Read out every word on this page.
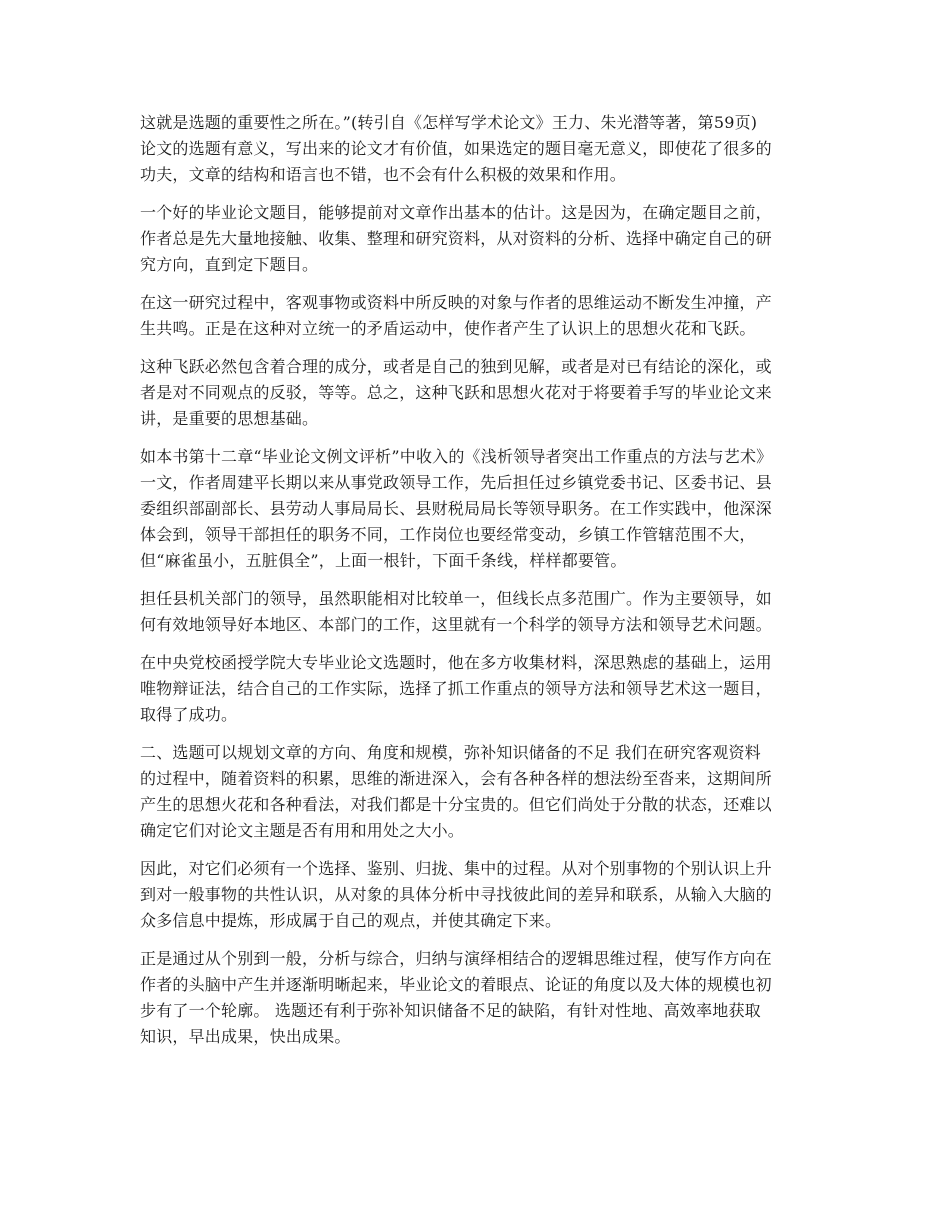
这就是选题的重要性之所在。”(转引自《怎样写学术论文》王力、朱光潜等著，第59页)
论文的选题有意义，写出来的论文才有价值，如果选定的题目毫无意义，即使花了很多的
功夫，文章的结构和语言也不错，也不会有什么积极的效果和作用。
一个好的毕业论文题目，能够提前对文章作出基本的估计。这是因为，在确定题目之前，
作者总是先大量地接触、收集、整理和研究资料，从对资料的分析、选择中确定自己的研
究方向，直到定下题目。
在这一研究过程中，客观事物或资料中所反映的对象与作者的思维运动不断发生冲撞，产
生共鸣。正是在这种对立统一的矛盾运动中，使作者产生了认识上的思想火花和飞跃。
这种飞跃必然包含着合理的成分，或者是自己的独到见解，或者是对已有结论的深化，或
者是对不同观点的反驳，等等。总之，这种飞跃和思想火花对于将要着手写的毕业论文来
讲，是重要的思想基础。
如本书第十二章“毕业论文例文评析”中收入的《浅析领导者突出工作重点的方法与艺术》
一文，作者周建平长期以来从事党政领导工作，先后担任过乡镇党委书记、区委书记、县
委组织部副部长、县劳动人事局局长、县财税局局长等领导职务。在工作实践中，他深深
体会到，领导干部担任的职务不同，工作岗位也要经常变动，乡镇工作管辖范围不大，
但“麻雀虽小，五脏俱全”，上面一根针，下面千条线，样样都要管。
担任县机关部门的领导，虽然职能相对比较单一，但线长点多范围广。作为主要领导，如
何有效地领导好本地区、本部门的工作，这里就有一个科学的领导方法和领导艺术问题。
在中央党校函授学院大专毕业论文选题时，他在多方收集材料，深思熟虑的基础上，运用
唯物辩证法，结合自己的工作实际，选择了抓工作重点的领导方法和领导艺术这一题目，
取得了成功。
二、选题可以规划文章的方向、角度和规模，弥补知识储备的不足 我们在研究客观资料
的过程中，随着资料的积累，思维的渐进深入，会有各种各样的想法纷至沓来，这期间所
产生的思想火花和各种看法，对我们都是十分宝贵的。但它们尚处于分散的状态，还难以
确定它们对论文主题是否有用和用处之大小。
因此，对它们必须有一个选择、鉴别、归拢、集中的过程。从对个别事物的个别认识上升
到对一般事物的共性认识，从对象的具体分析中寻找彼此间的差异和联系，从输入大脑的
众多信息中提炼，形成属于自己的观点，并使其确定下来。
正是通过从个别到一般，分析与综合，归纳与演绎相结合的逻辑思维过程，使写作方向在
作者的头脑中产生并逐渐明晰起来，毕业论文的着眼点、论证的角度以及大体的规模也初
步有了一个轮廓。 选题还有利于弥补知识储备不足的缺陷，有针对性地、高效率地获取
知识，早出成果，快出成果。
